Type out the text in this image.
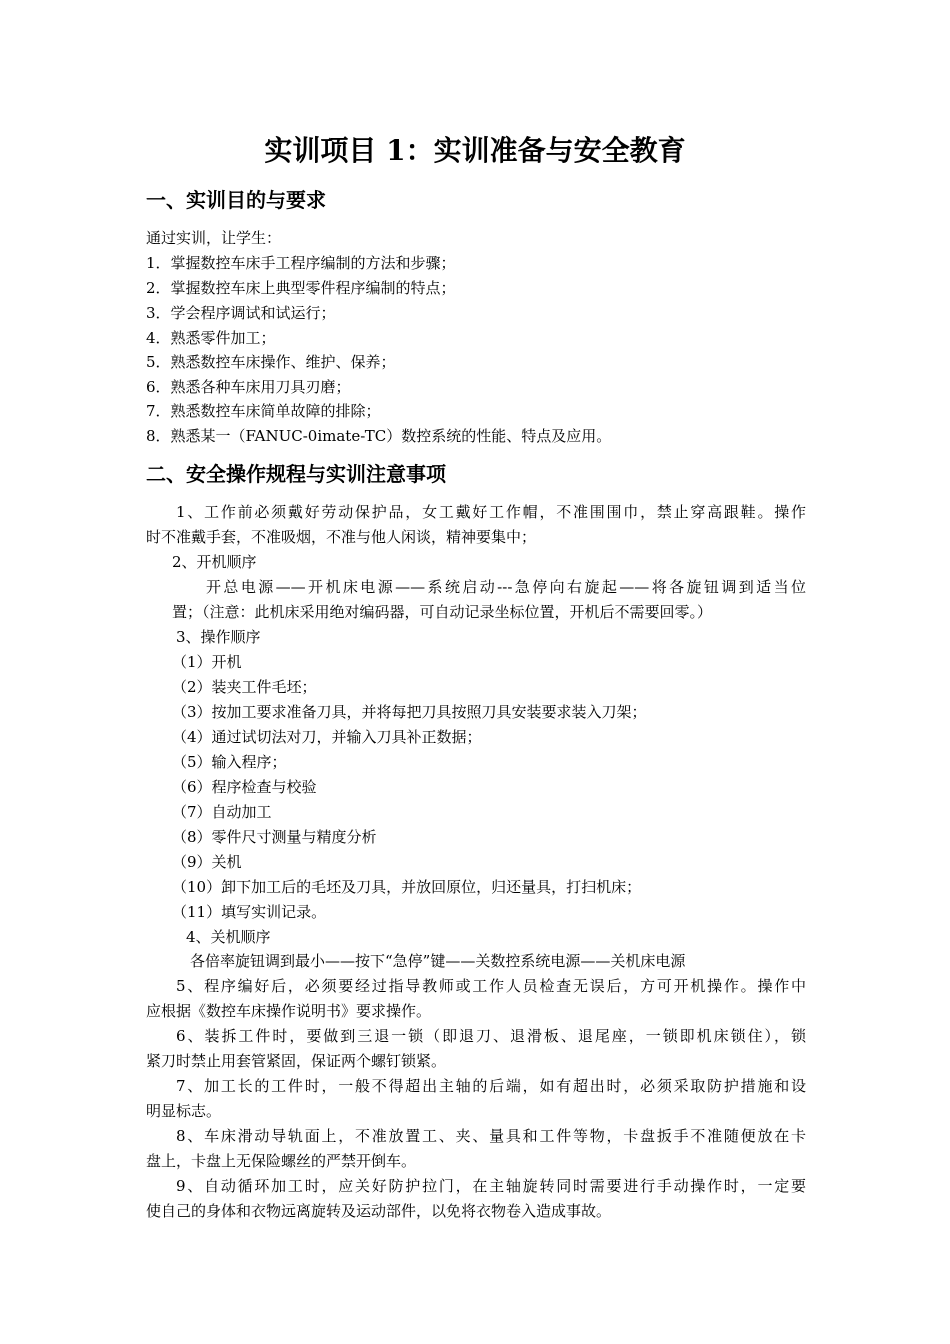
实训项目 1：实训准备与安全教育
一、实训目的与要求
通过实训，让学生：
1．掌握数控车床手工程序编制的方法和步骤；
2．掌握数控车床上典型零件程序编制的特点；
3．学会程序调试和试运行；
4．熟悉零件加工；
5．熟悉数控车床操作、维护、保养；
6．熟悉各种车床用刀具刃磨；
7．熟悉数控车床简单故障的排除；
8．熟悉某一（FANUC-0imate-TC）数控系统的性能、特点及应用。
二、安全操作规程与实训注意事项
1、工作前必须戴好劳动保护品，女工戴好工作帽，不准围围巾，禁止穿高跟鞋。操作
时不准戴手套，不准吸烟，不准与他人闲谈，精神要集中；
2、开机顺序
开总电源——开机床电源——系统启动---急停向右旋起——将各旋钮调到适当位
置；（注意：此机床采用绝对编码器，可自动记录坐标位置，开机后不需要回零。）
3、操作顺序
（1）开机
（2）装夹工件毛坯；
（3）按加工要求准备刀具，并将每把刀具按照刀具安装要求装入刀架；
（4）通过试切法对刀，并输入刀具补正数据；
（5）输入程序；
（6）程序检查与校验
（7）自动加工
（8）零件尺寸测量与精度分析
（9）关机
（10）卸下加工后的毛坯及刀具，并放回原位，归还量具，打扫机床；
（11）填写实训记录。
4、关机顺序
各倍率旋钮调到最小——按下“急停”键——关数控系统电源——关机床电源
5、程序编好后，必须要经过指导教师或工作人员检查无误后，方可开机操作。操作中
应根据《数控车床操作说明书》要求操作。
6、装拆工件时，要做到三退一锁（即退刀、退滑板、退尾座，一锁即机床锁住），锁
紧刀时禁止用套管紧固，保证两个螺钉锁紧。
7、加工长的工件时，一般不得超出主轴的后端，如有超出时，必须采取防护措施和设
明显标志。
8、车床滑动导轨面上，不准放置工、夹、量具和工件等物，卡盘扳手不准随便放在卡
盘上，卡盘上无保险螺丝的严禁开倒车。
9、自动循环加工时，应关好防护拉门，在主轴旋转同时需要进行手动操作时，一定要
使自己的身体和衣物远离旋转及运动部件，以免将衣物卷入造成事故。
